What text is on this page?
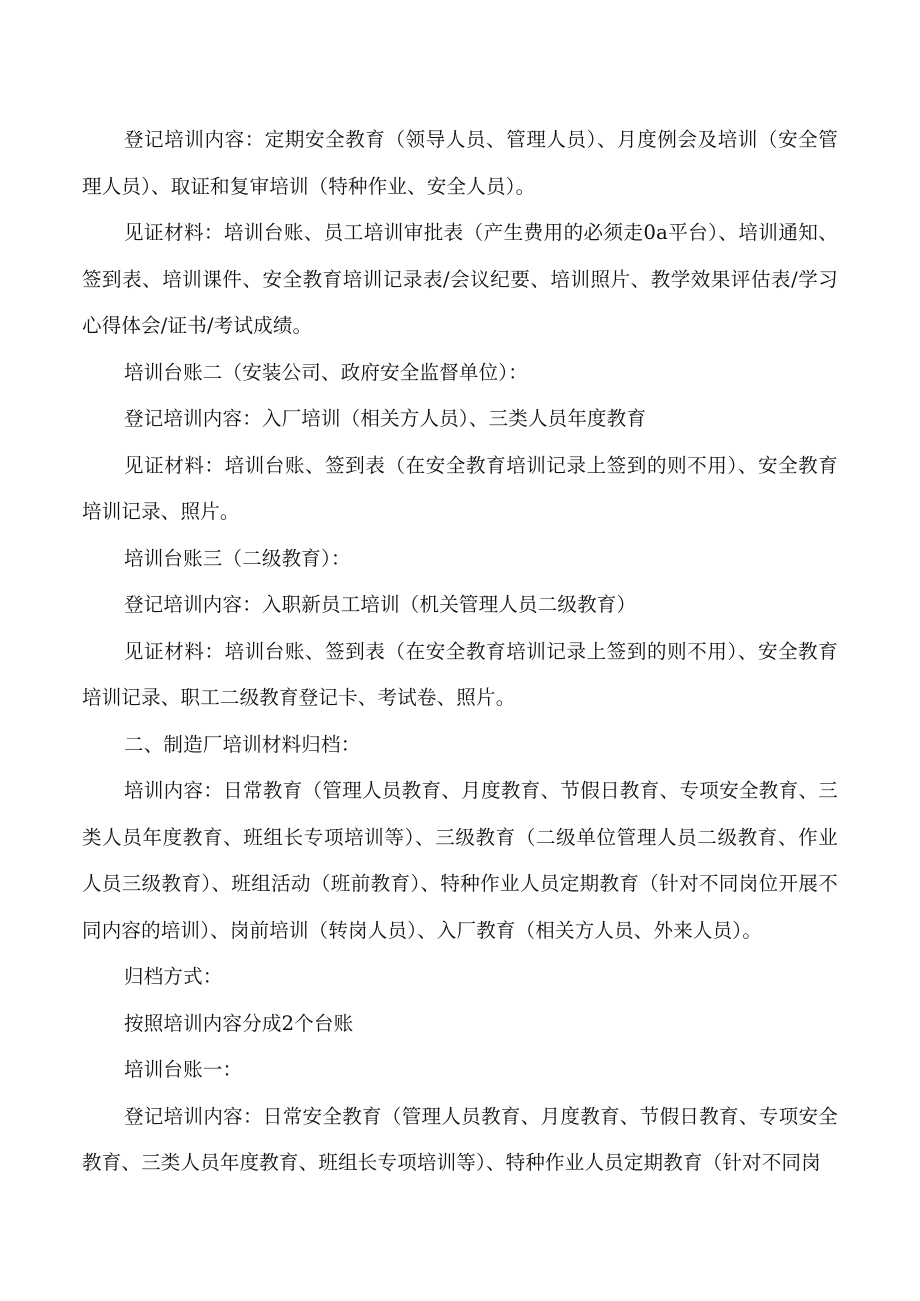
登记培训内容：定期安全教育（领导人员、管理人员）、月度例会及培训（安全管理人员）、取证和复审培训（特种作业、安全人员）。

见证材料：培训台账、员工培训审批表（产生费用的必须走0a平台）、培训通知、签到表、培训课件、安全教育培训记录表/会议纪要、培训照片、教学效果评估表/学习心得体会/证书/考试成绩。

培训台账二（安装公司、政府安全监督单位）：

登记培训内容：入厂培训（相关方人员）、三类人员年度教育

见证材料：培训台账、签到表（在安全教育培训记录上签到的则不用）、安全教育培训记录、照片。

培训台账三（二级教育）：

登记培训内容：入职新员工培训（机关管理人员二级教育）

见证材料：培训台账、签到表（在安全教育培训记录上签到的则不用）、安全教育培训记录、职工二级教育登记卡、考试卷、照片。

二、制造厂培训材料归档：

培训内容：日常教育（管理人员教育、月度教育、节假日教育、专项安全教育、三类人员年度教育、班组长专项培训等）、三级教育（二级单位管理人员二级教育、作业人员三级教育）、班组活动（班前教育）、特种作业人员定期教育（针对不同岗位开展不同内容的培训）、岗前培训（转岗人员）、入厂教育（相关方人员、外来人员）。

归档方式：

按照培训内容分成2个台账

培训台账一：

登记培训内容：日常安全教育（管理人员教育、月度教育、节假日教育、专项安全教育、三类人员年度教育、班组长专项培训等）、特种作业人员定期教育（针对不同岗
